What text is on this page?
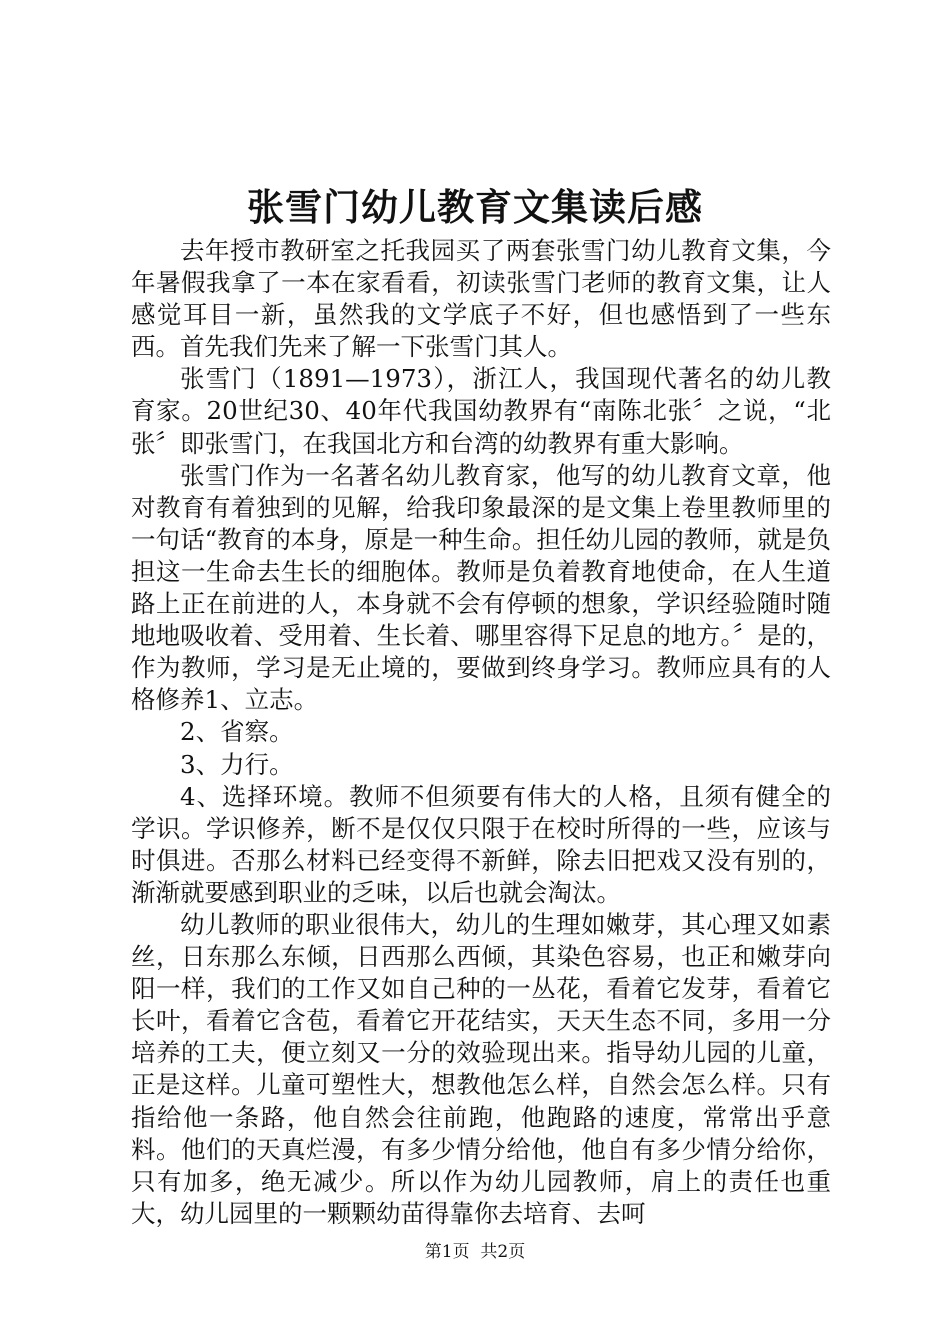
张雪门幼儿教育文集读后感

去年授市教研室之托我园买了两套张雪门幼儿教育文集，今年暑假我拿了一本在家看看，初读张雪门老师的教育文集，让人感觉耳目一新，虽然我的文学底子不好，但也感悟到了一些东西。首先我们先来了解一下张雪门其人。

张雪门（1891—1973），浙江人，我国现代著名的幼儿教育家。20世纪30、40年代我国幼教界有“南陈北张〞之说，“北张〞即张雪门，在我国北方和台湾的幼教界有重大影响。

张雪门作为一名著名幼儿教育家，他写的幼儿教育文章，他对教育有着独到的见解，给我印象最深的是文集上卷里教师里的一句话“教育的本身，原是一种生命。担任幼儿园的教师，就是负担这一生命去生长的细胞体。教师是负着教育地使命，在人生道路上正在前进的人，本身就不会有停顿的想象，学识经验随时随地地吸收着、受用着、生长着、哪里容得下足息的地方。〞是的，作为教师，学习是无止境的，要做到终身学习。教师应具有的人格修养1、立志。

2、省察。

3、力行。

4、选择环境。教师不但须要有伟大的人格，且须有健全的学识。学识修养，断不是仅仅只限于在校时所得的一些，应该与时俱进。否那么材料已经变得不新鲜，除去旧把戏又没有别的，渐渐就要感到职业的乏味，以后也就会淘汰。

幼儿教师的职业很伟大，幼儿的生理如嫩芽，其心理又如素丝，日东那么东倾，日西那么西倾，其染色容易，也正和嫩芽向阳一样，我们的工作又如自己种的一丛花，看着它发芽，看着它长叶，看着它含苞，看着它开花结实，天天生态不同，多用一分培养的工夫，便立刻又一分的效验现出来。指导幼儿园的儿童，正是这样。儿童可塑性大，想教他怎么样，自然会怎么样。只有指给他一条路，他自然会往前跑，他跑路的速度，常常出乎意料。他们的天真烂漫，有多少情分给他，他自有多少情分给你，只有加多，绝无减少。所以作为幼儿园教师，肩上的责任也重大，幼儿园里的一颗颗幼苗得靠你去培育、去呵

第1页  共2页
